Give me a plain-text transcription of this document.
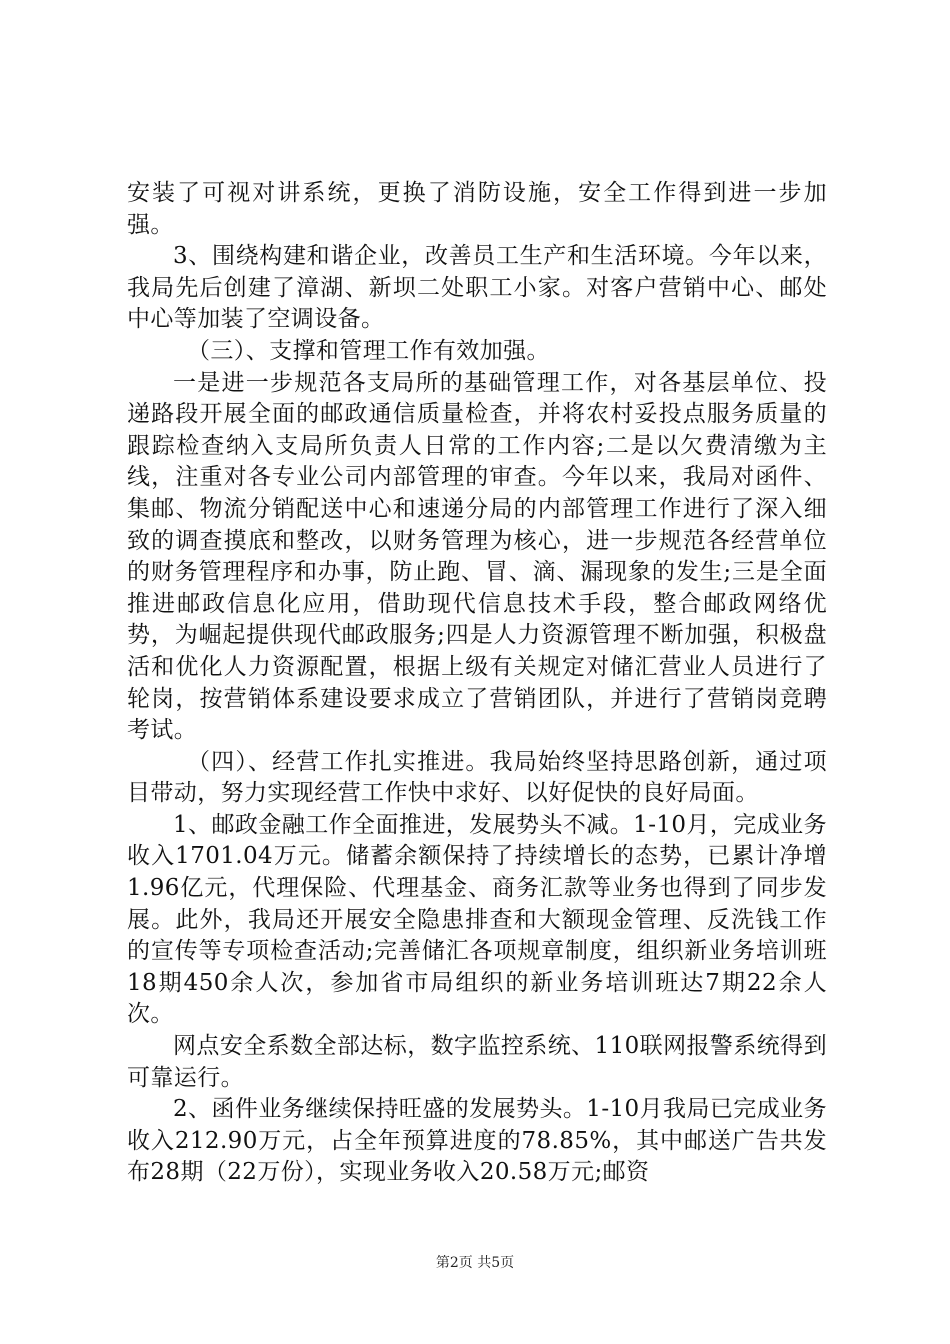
安装了可视对讲系统，更换了消防设施，安全工作得到进一步加强。

3、围绕构建和谐企业，改善员工生产和生活环境。今年以来，我局先后创建了漳湖、新坝二处职工小家。对客户营销中心、邮处中心等加装了空调设备。

（三）、支撑和管理工作有效加强。

一是进一步规范各支局所的基础管理工作，对各基层单位、投递路段开展全面的邮政通信质量检查，并将农村妥投点服务质量的跟踪检查纳入支局所负责人日常的工作内容;二是以欠费清缴为主线，注重对各专业公司内部管理的审查。今年以来，我局对函件、集邮、物流分销配送中心和速递分局的内部管理工作进行了深入细致的调查摸底和整改，以财务管理为核心，进一步规范各经营单位的财务管理程序和办事，防止跑、冒、滴、漏现象的发生;三是全面推进邮政信息化应用，借助现代信息技术手段，整合邮政网络优势，为崛起提供现代邮政服务;四是人力资源管理不断加强，积极盘活和优化人力资源配置，根据上级有关规定对储汇营业人员进行了轮岗，按营销体系建设要求成立了营销团队，并进行了营销岗竞聘考试。

（四）、经营工作扎实推进。我局始终坚持思路创新，通过项目带动，努力实现经营工作快中求好、以好促快的良好局面。

1、邮政金融工作全面推进，发展势头不减。1-10月，完成业务收入1701.04万元。储蓄余额保持了持续增长的态势，已累计净增1.96亿元，代理保险、代理基金、商务汇款等业务也得到了同步发展。此外，我局还开展安全隐患排查和大额现金管理、反洗钱工作的宣传等专项检查活动;完善储汇各项规章制度，组织新业务培训班18期450余人次，参加省市局组织的新业务培训班达7期22余人次。

网点安全系数全部达标，数字监控系统、110联网报警系统得到可靠运行。

2、函件业务继续保持旺盛的发展势头。1-10月我局已完成业务收入212.90万元，占全年预算进度的78.85%，其中邮送广告共发布28期（22万份），实现业务收入20.58万元;邮资

第2页 共5页
